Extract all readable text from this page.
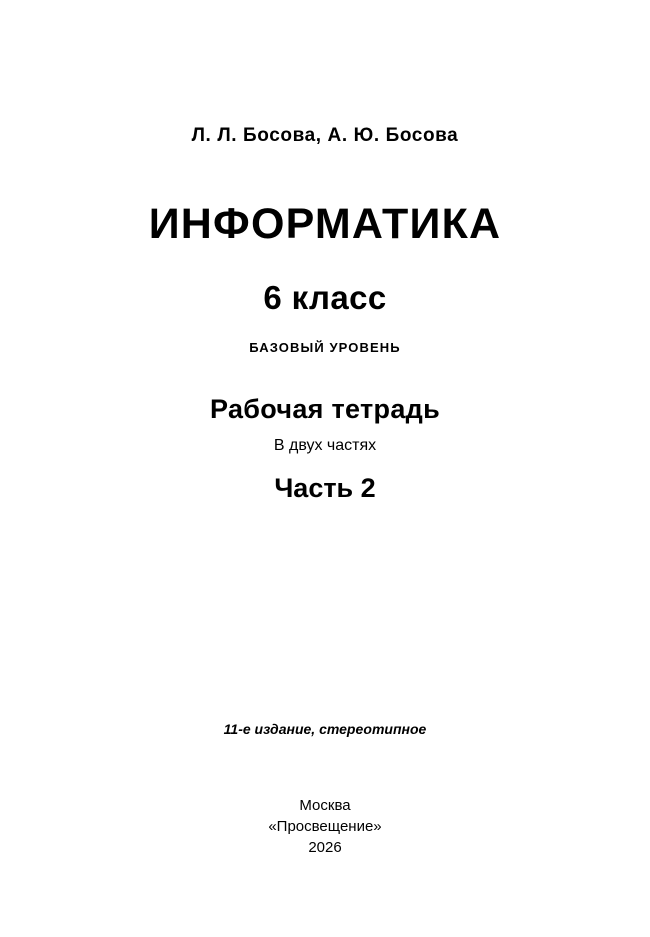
Л. Л. Босова, А. Ю. Босова
ИНФОРМАТИКА
6 класс
БАЗОВЫЙ УРОВЕНЬ
Рабочая тетрадь
В двух частях
Часть 2
11-е издание, стереотипное
Москва
«Просвещение»
2026
